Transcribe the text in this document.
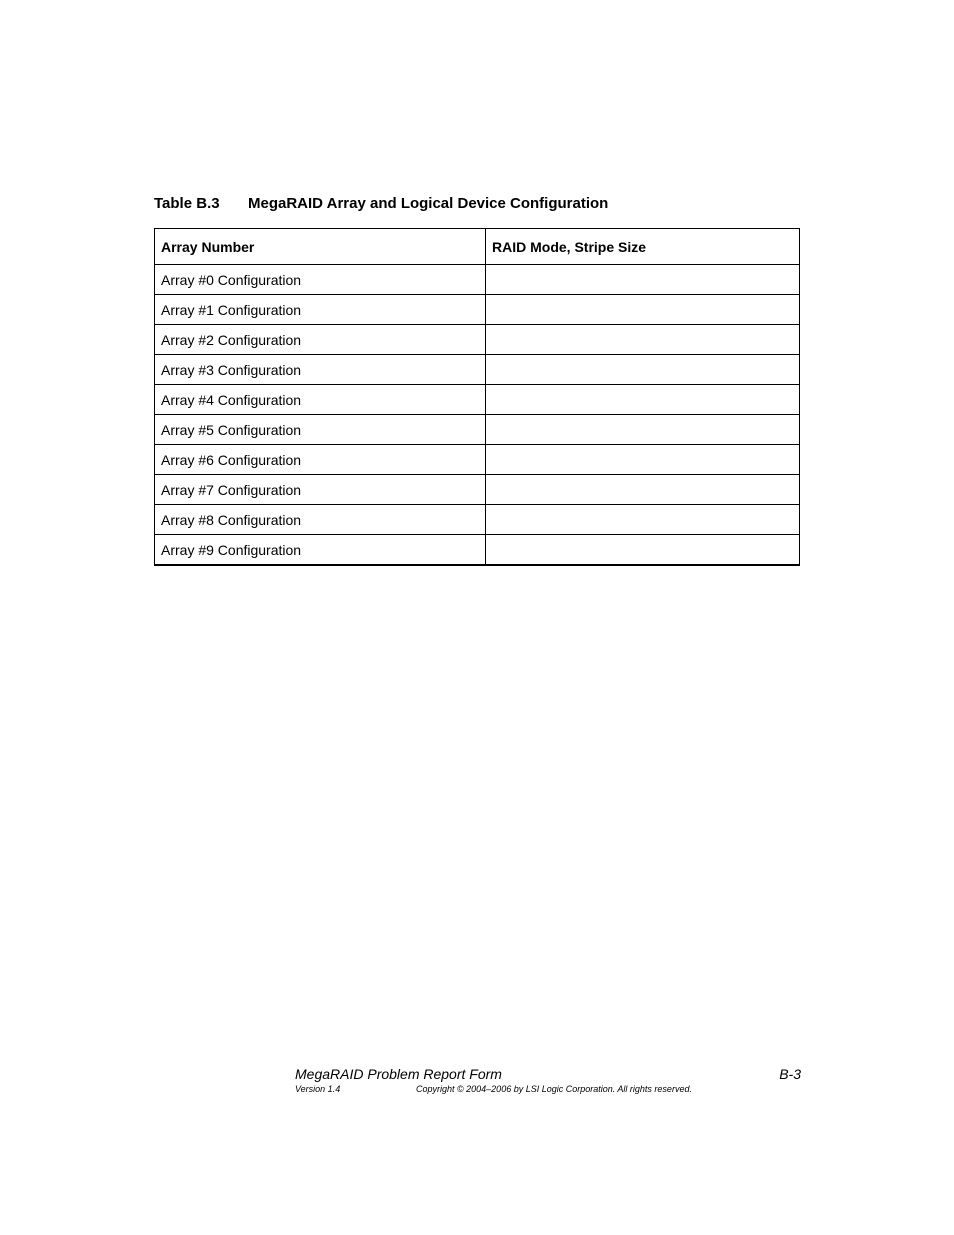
Table B.3 MegaRAID Array and Logical Device Configuration
Array Number	RAID Mode, Stripe Size
Array #0 Configuration	
Array #1 Configuration	
Array #2 Configuration	
Array #3 Configuration	
Array #4 Configuration	
Array #5 Configuration	
Array #6 Configuration	
Array #7 Configuration	
Array #8 Configuration	
Array #9 Configuration	
MegaRAID Problem Report Form	B-3
Version 1.4	Copyright © 2004–2006 by LSI Logic Corporation. All rights reserved.
